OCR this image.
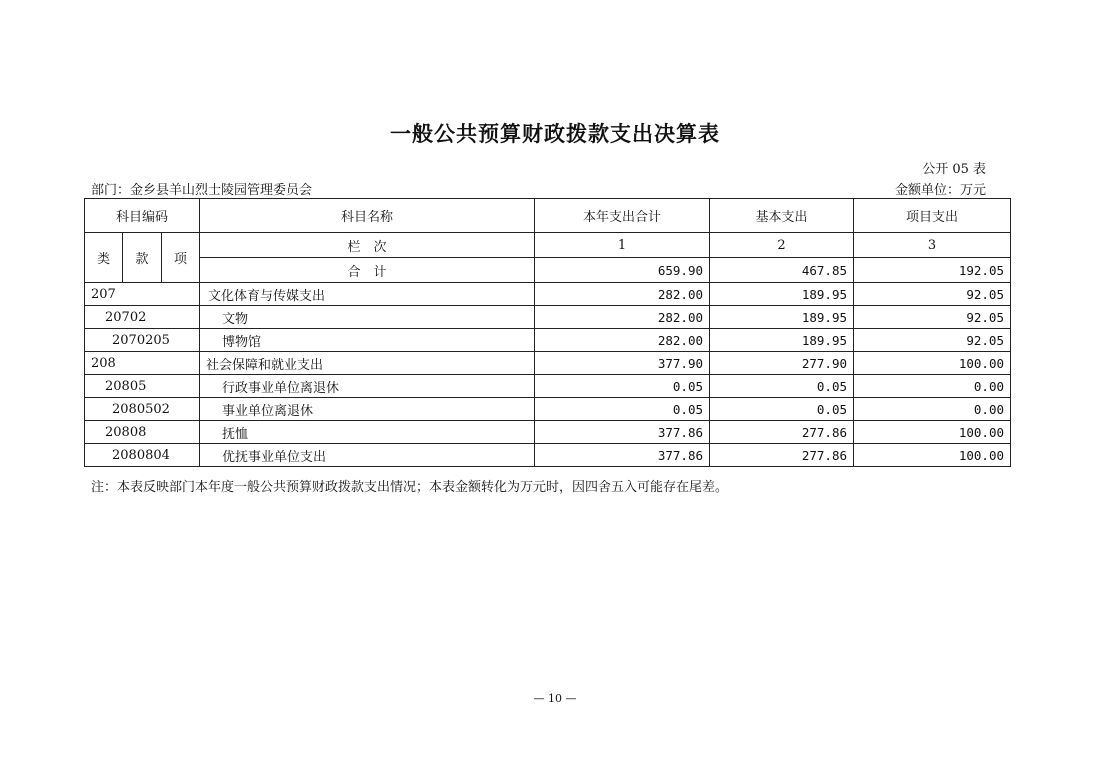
一般公共预算财政拨款支出决算表
公开 05 表
部门：金乡县羊山烈士陵园管理委员会	金额单位：万元
科目编码			科目名称	本年支出合计	基本支出	项目支出
类	款	项	栏　次	1	2	3
			合　计	659.90	467.85	192.05
207			文化体育与传媒支出	282.00	189.95	92.05
20702			文物	282.00	189.95	92.05
2070205			博物馆	282.00	189.95	92.05
208			社会保障和就业支出	377.90	277.90	100.00
20805			行政事业单位离退休	0.05	0.05	0.00
2080502			事业单位离退休	0.05	0.05	0.00
20808			抚恤	377.86	277.86	100.00
2080804			优抚事业单位支出	377.86	277.86	100.00
注：本表反映部门本年度一般公共预算财政拨款支出情况；本表金额转化为万元时，因四舍五入可能存在尾差。
— 10 —
